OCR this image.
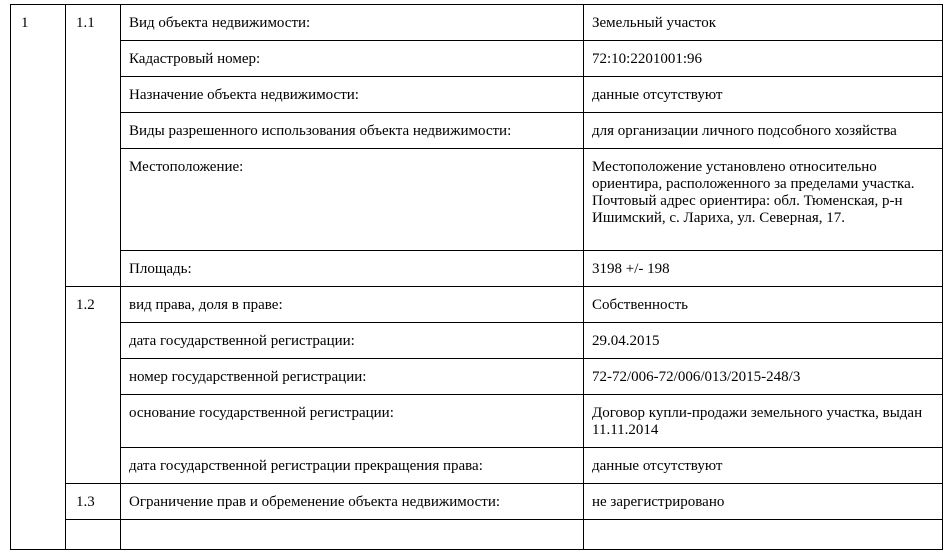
1	1.1	Вид объекта недвижимости:	Земельный участок
		Кадастровый номер:	72:10:2201001:96
		Назначение объекта недвижимости:	данные отсутствуют
		Виды разрешенного использования объекта недвижимости:	для организации личного подсобного хозяйства
		Местоположение:	Местоположение установлено относительно ориентира, расположенного за пределами участка. Почтовый адрес ориентира: обл. Тюменская, р-н Ишимский, с. Лариха, ул. Северная, 17.
		Площадь:	3198 +/- 198
	1.2	вид права, доля в праве:	Собственность
		дата государственной регистрации:	29.04.2015
		номер государственной регистрации:	72-72/006-72/006/013/2015-248/3
		основание государственной регистрации:	Договор купли-продажи земельного участка, выдан 11.11.2014
		дата государственной регистрации прекращения права:	данные отсутствуют
	1.3	Ограничение прав и обременение объекта недвижимости:	не зарегистрировано
